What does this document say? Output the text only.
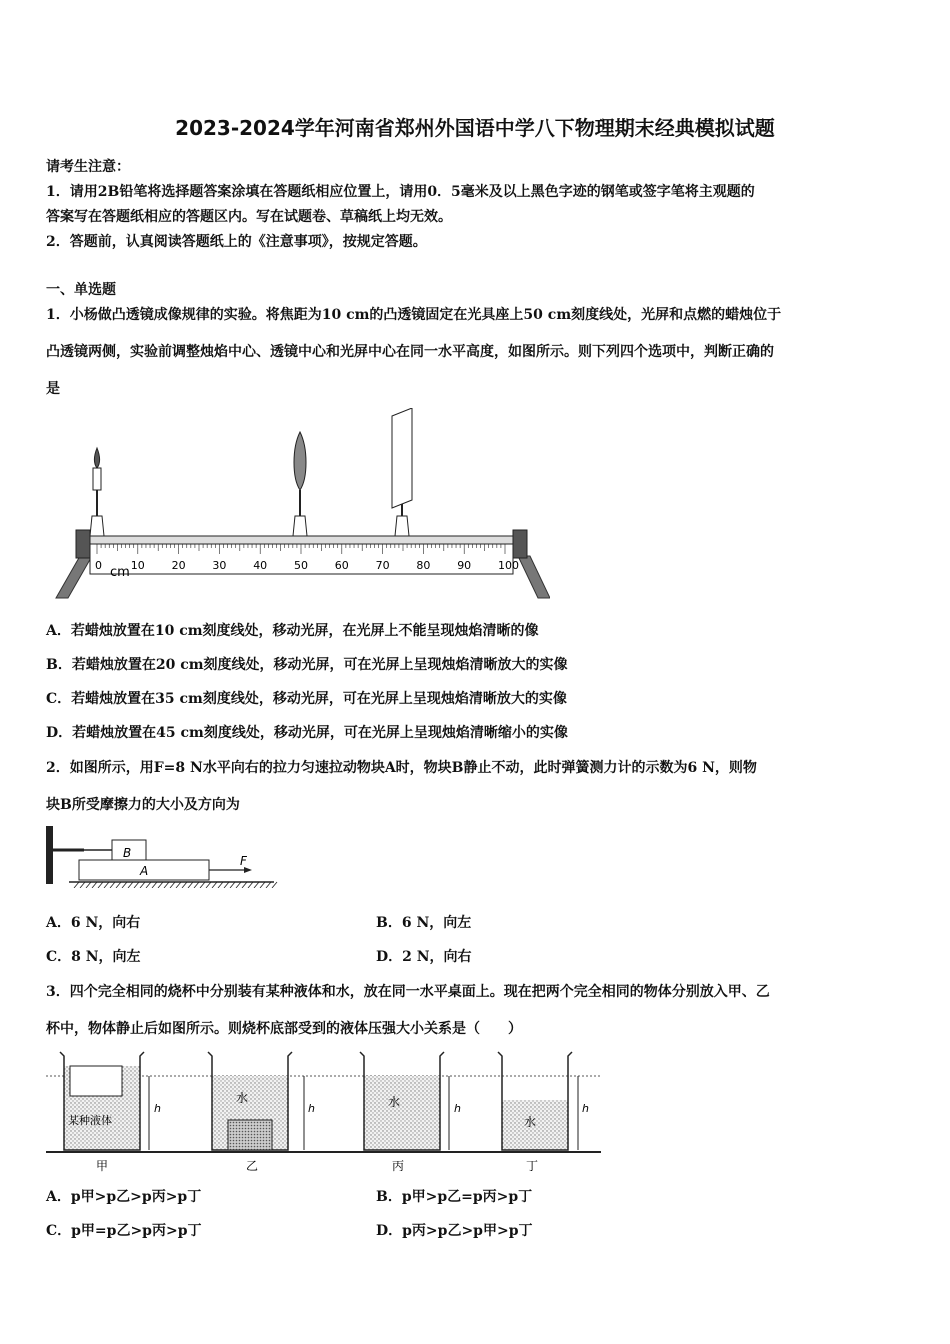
2023-2024学年河南省郑州外国语中学八下物理期末经典模拟试题
请考生注意：
1．请用2B铅笔将选择题答案涂填在答题纸相应位置上，请用0．5毫米及以上黑色字迹的钢笔或签字笔将主观题的
答案写在答题纸相应的答题区内。写在试题卷、草稿纸上均无效。
2．答题前，认真阅读答题纸上的《注意事项》，按规定答题。
一、单选题
1．小杨做凸透镜成像规律的实验。将焦距为10 cm的凸透镜固定在光具座上50 cm刻度线处，光屏和点燃的蜡烛位于
凸透镜两侧，实验前调整烛焰中心、透镜中心和光屏中心在同一水平高度，如图所示。则下列四个选项中，判断正确的
是
0	10 20 30 40 50 60 70 80 90 100
cm
A．若蜡烛放置在10 cm刻度线处，移动光屏，在光屏上不能呈现烛焰清晰的像
B．若蜡烛放置在20 cm刻度线处，移动光屏，可在光屏上呈现烛焰清晰放大的实像
C．若蜡烛放置在35 cm刻度线处，移动光屏，可在光屏上呈现烛焰清晰放大的实像
D．若蜡烛放置在45 cm刻度线处，移动光屏，可在光屏上呈现烛焰清晰缩小的实像
2．如图所示，用F=8 N水平向右的拉力匀速拉动物块A时，物块B静止不动，此时弹簧测力计的示数为6 N，则物
块B所受摩擦力的大小及方向为
B
A
F
A．6 N，向右	B．6 N，向左
C．8 N，向左	D．2 N，向右
3．四个完全相同的烧杯中分别装有某种液体和水，放在同一水平桌面上。现在把两个完全相同的物体分别放入甲、乙
杯中，物体静止后如图所示。则烧杯底部受到的液体压强大小关系是（　　）
某种液体
h
水
h	水	h
水
h
甲	乙	丙	丁
A．p甲>p乙>p丙>p丁	B．p甲>p乙=p丙>p丁
C．p甲=p乙>p丙>p丁	D．p丙>p乙>p甲>p丁
